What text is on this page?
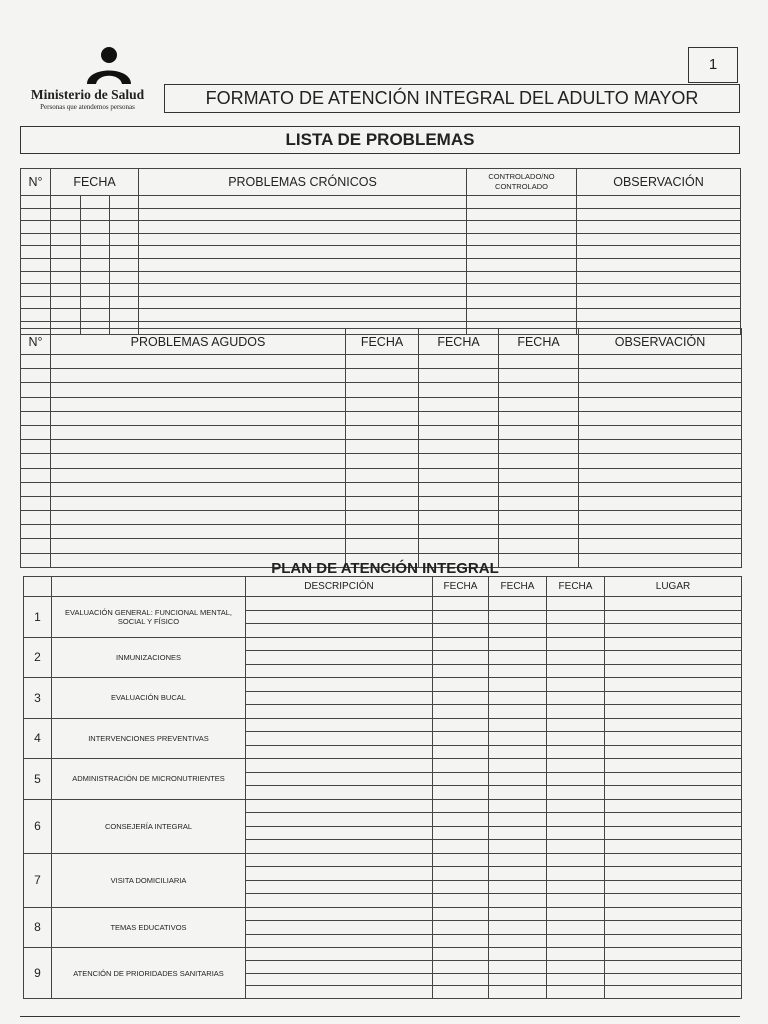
Ministerio de Salud
Personas que atendemos personas
1
FORMATO DE ATENCIÓN INTEGRAL DEL ADULTO MAYOR
LISTA DE PROBLEMAS
N°	FECHA			PROBLEMAS CRÓNICOS	CONTROLADO/NO CONTROLADO	OBSERVACIÓN

N°	PROBLEMAS AGUDOS	FECHA	FECHA	FECHA	OBSERVACIÓN

PLAN DE ATENCIÓN INTEGRAL
		DESCRIPCIÓN	FECHA	FECHA	FECHA	LUGAR
1	EVALUACIÓN GENERAL: FUNCIONAL MENTAL, SOCIAL Y FÍSICO					

2	INMUNIZACIONES					

3	EVALUACIÓN BUCAL					

4	INTERVENCIONES PREVENTIVAS					

5	ADMINISTRACIÓN DE MICRONUTRIENTES					

6	CONSEJERÍA INTEGRAL					

7	VISITA DOMICILIARIA					

8	TEMAS EDUCATIVOS					

9	ATENCIÓN DE PRIORIDADES SANITARIAS					
